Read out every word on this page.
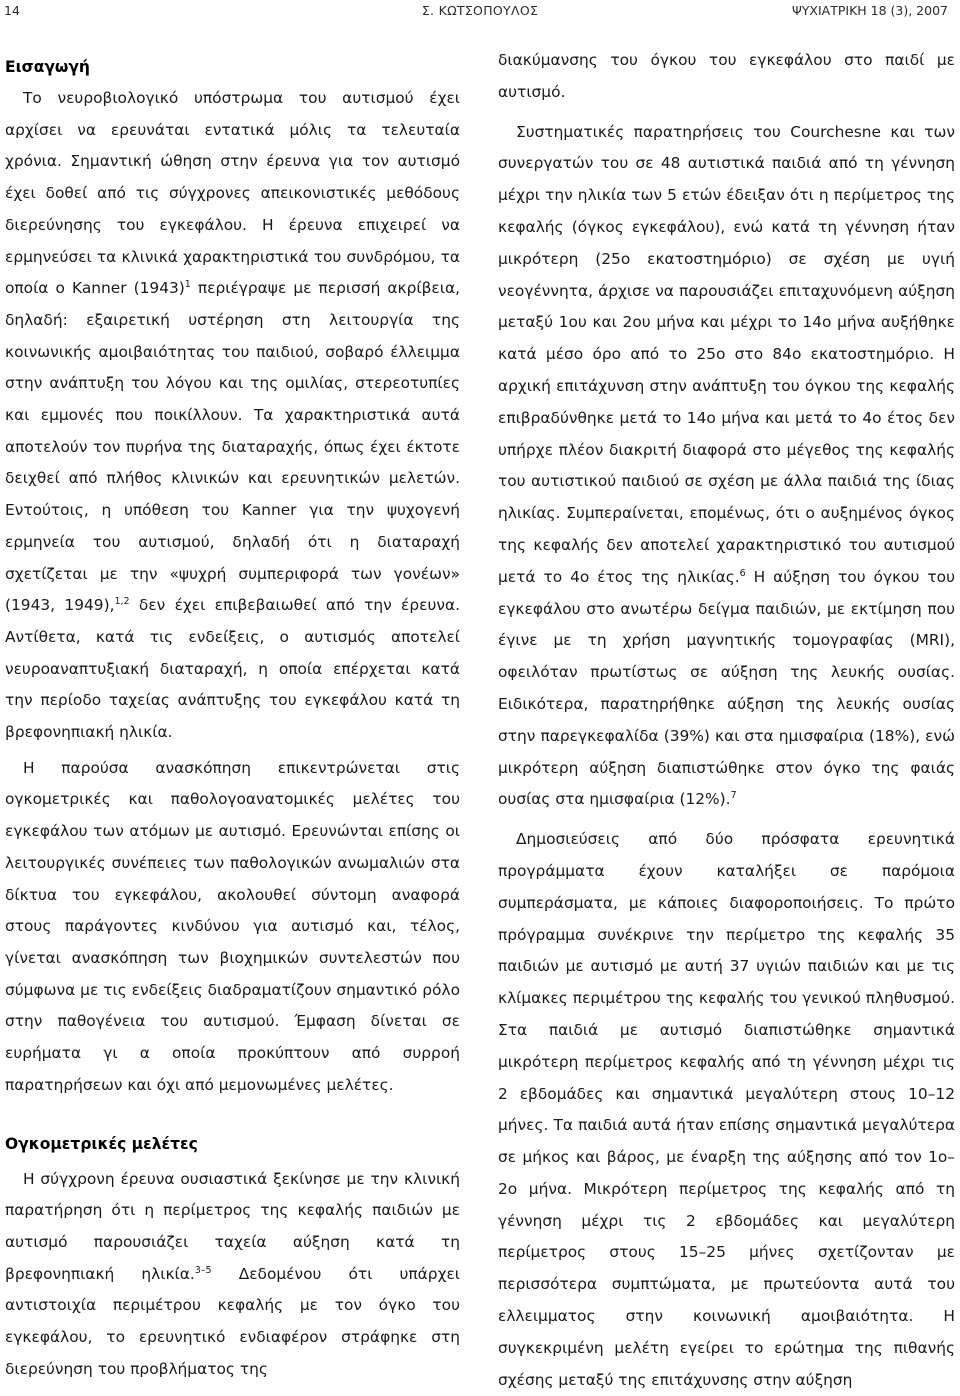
14	Σ. ΚΩΤΣΟΠΟΥΛΟΣ	ΨΥΧΙΑΤΡΙΚΗ 18 (3), 2007
Εισαγωγή

Το νευροβιολογικό υπόστρωμα του αυτισμού έχει αρχίσει να ερευνάται εντατικά μόλις τα τελευταία χρόνια. Σημαντική ώθηση στην έρευνα για τον αυτισμό έχει δοθεί από τις σύγχρονες απεικονιστικές μεθόδους διερεύνησης του εγκεφάλου. Η έρευνα επιχειρεί να ερμηνεύσει τα κλινικά χαρακτηριστικά του συνδρόμου, τα οποία ο Kanner $(1943)^1$ περιέγραψε με περισσή ακρίβεια, δηλαδή: εξαιρετική υστέρηση στη λειτουργία της κοινωνικής αμοιβαιότητας του παιδιού, σοβαρό έλλειμμα στην ανάπτυξη του λόγου και της ομιλίας, στερεοτυπίες και εμμονές που ποικίλλουν. Τα χαρακτηριστικά αυτά αποτελούν τον πυρήνα της διαταραχής, όπως έχει έκτοτε δειχθεί από πλήθος κλινικών και ερευνητικών μελετών. Εντούτοις, η υπόθεση του Kanner για την ψυχογενή ερμηνεία του αυτισμού, δηλαδή ότι η διαταραχή σχετίζεται με την «ψυχρή συμπεριφορά των γονέων» (1943, 1949),$^{1,2}$ δεν έχει επιβεβαιωθεί από την έρευνα. Αντίθετα, κατά τις ενδείξεις, ο αυτισμός αποτελεί νευροαναπτυξιακή διαταραχή, η οποία επέρχεται κατά την περίοδο ταχείας ανάπτυξης του εγκεφάλου κατά τη βρεφονηπιακή ηλικία.

Η παρούσα ανασκόπηση επικεντρώνεται στις ογκομετρικές και παθολογοανατομικές μελέτες του εγκεφάλου των ατόμων με αυτισμό. Ερευνώνται επίσης οι λειτουργικές συνέπειες των παθολογικών ανωμαλιών στα δίκτυα του εγκεφάλου, ακολουθεί σύντομη αναφορά στους παράγοντες κινδύνου για αυτισμό και, τέλος, γίνεται ανασκόπηση των βιοχημικών συντελεστών που σύμφωνα με τις ενδείξεις διαδραματίζουν σημαντικό ρόλο στην παθογένεια του αυτισμού. Έμφαση δίνεται σε ευρήματα γι α οποία προκύπτουν από συρροή παρατηρήσεων και όχι από μεμονωμένες μελέτες.

Ογκομετρικές μελέτες

Η σύγχρονη έρευνα ουσιαστικά ξεκίνησε με την κλινική παρατήρηση ότι η περίμετρος της κεφαλής παιδιών με αυτισμό παρουσιάζει ταχεία αύξηση κατά τη βρεφονηπιακή ηλικία.$^{3-5}$ Δεδομένου ότι υπάρχει αντιστοιχία περιμέτρου κεφαλής με τον όγκο του εγκεφάλου, το ερευνητικό ενδιαφέρον στράφηκε στη διερεύνηση του προβλήματος της

διακύμανσης του όγκου του εγκεφάλου στο παιδί με αυτισμό.

Συστηματικές παρατηρήσεις του Courchesne και των συνεργατών του σε 48 αυτιστικά παιδιά από τη γέννηση μέχρι την ηλικία των 5 ετών έδειξαν ότι η περίμετρος της κεφαλής (όγκος εγκεφάλου), ενώ κατά τη γέννηση ήταν μικρότερη (25ο εκατοστημόριο) σε σχέση με υγιή νεογέννητα, άρχισε να παρουσιάζει επιταχυνόμενη αύξηση μεταξύ 1ου και 2ου μήνα και μέχρι το 14ο μήνα αυξήθηκε κατά μέσο όρο από το 25ο στο 84ο εκατοστημόριο. Η αρχική επιτάχυνση στην ανάπτυξη του όγκου της κεφαλής επιβραδύνθηκε μετά το 14ο μήνα και μετά το 4ο έτος δεν υπήρχε πλέον διακριτή διαφορά στο μέγεθος της κεφαλής του αυτιστικού παιδιού σε σχέση με άλλα παιδιά της ίδιας ηλικίας. Συμπεραίνεται, επομένως, ότι ο αυξημένος όγκος της κεφαλής δεν αποτελεί χαρακτηριστικό του αυτισμού μετά το 4ο έτος της ηλικίας.$^6$ Η αύξηση του όγκου του εγκεφάλου στο ανωτέρω δείγμα παιδιών, με εκτίμηση που έγινε με τη χρήση μαγνητικής τομογραφίας (MRI), οφειλόταν πρωτίστως σε αύξηση της λευκής ουσίας. Ειδικότερα, παρατηρήθηκε αύξηση της λευκής ουσίας στην παρεγκεφαλίδα (39%) και στα ημισφαίρια (18%), ενώ μικρότερη αύξηση διαπιστώθηκε στον όγκο της φαιάς ουσίας στα ημισφαίρια (12%).$^7$

Δημοσιεύσεις από δύο πρόσφατα ερευνητικά προγράμματα έχουν καταλήξει σε παρόμοια συμπεράσματα, με κάποιες διαφοροποιήσεις. Το πρώτο πρόγραμμα συνέκρινε την περίμετρο της κεφαλής 35 παιδιών με αυτισμό με αυτή 37 υγιών παιδιών και με τις κλίμακες περιμέτρου της κεφαλής του γενικού πληθυσμού. Στα παιδιά με αυτισμό διαπιστώθηκε σημαντικά μικρότερη περίμετρος κεφαλής από τη γέννηση μέχρι τις 2 εβδομάδες και σημαντικά μεγαλύτερη στους 10–12 μήνες. Τα παιδιά αυτά ήταν επίσης σημαντικά μεγαλύτερα σε μήκος και βάρος, με έναρξη της αύξησης από τον 1ο–2ο μήνα. Μικρότερη περίμετρος της κεφαλής από τη γέννηση μέχρι τις 2 εβδομάδες και μεγαλύτερη περίμετρος στους 15–25 μήνες σχετίζονταν με περισσότερα συμπτώματα, με πρωτεύοντα αυτά του ελλειμματος στην κοινωνική αμοιβαιότητα. Η συγκεκριμένη μελέτη εγείρει το ερώτημα της πιθανής σχέσης μεταξύ της επιτάχυνσης στην αύξηση
